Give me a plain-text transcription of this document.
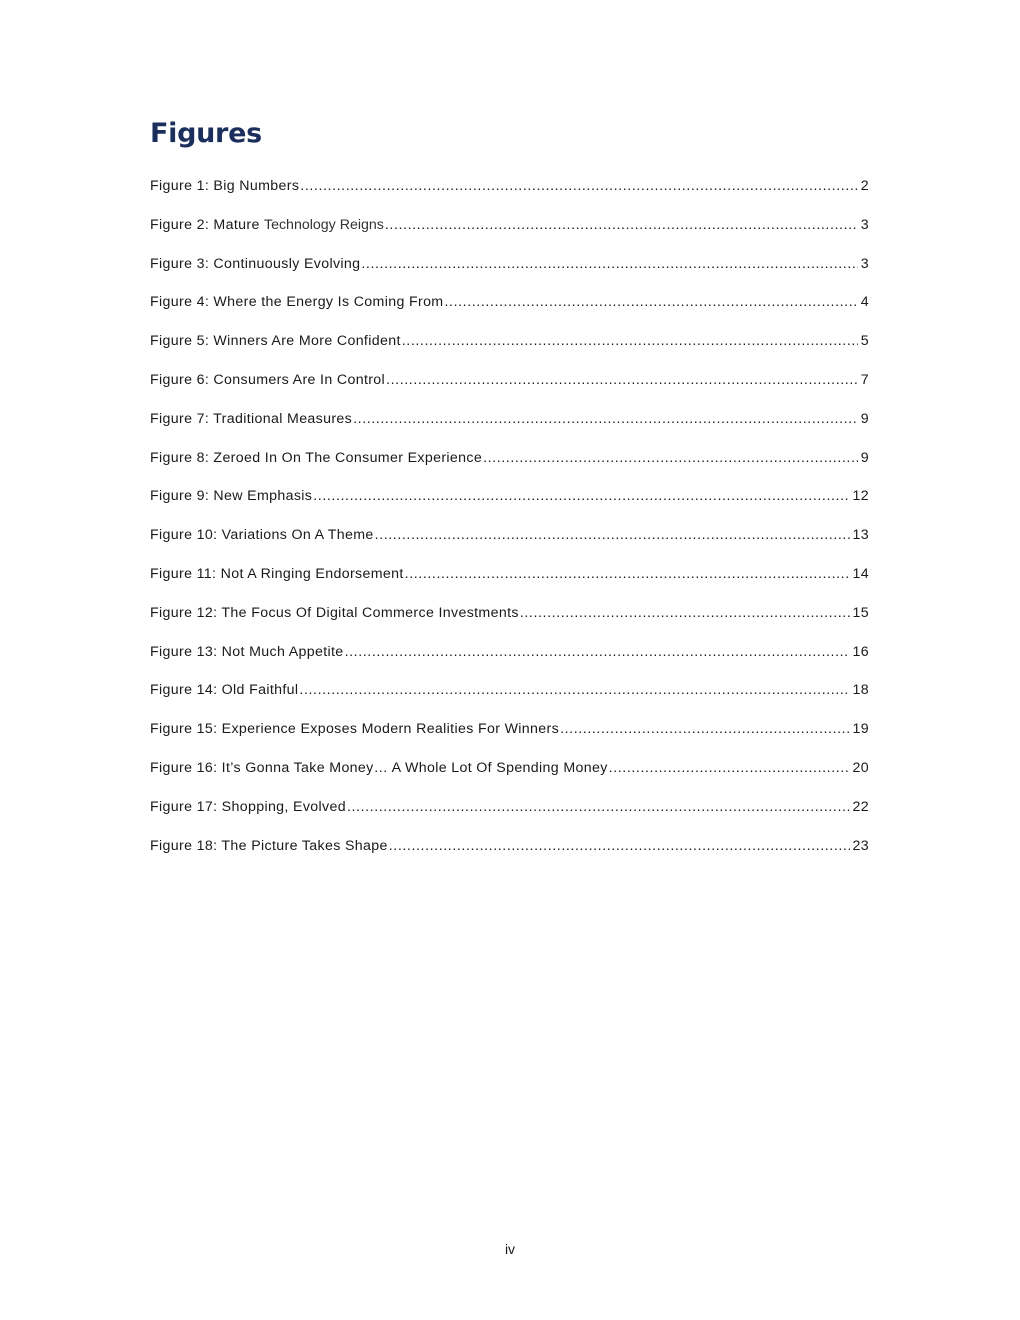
Figures
Figure 1: Big Numbers .....	2
Figure 2: Mature Technology Reigns .....	3
Figure 3: Continuously Evolving .....	3
Figure 4: Where the Energy Is Coming From .....	4
Figure 5: Winners Are More Confident .....	5
Figure 6: Consumers Are In Control .....	7
Figure 7: Traditional Measures .....	9
Figure 8: Zeroed In On The Consumer Experience .....	9
Figure 9: New Emphasis .....	12
Figure 10: Variations On A Theme .....	13
Figure 11: Not A Ringing Endorsement .....	14
Figure 12: The Focus Of Digital Commerce Investments .....	15
Figure 13: Not Much Appetite .....	16
Figure 14: Old Faithful .....	18
Figure 15: Experience Exposes Modern Realities For Winners .....	19
Figure 16: It’s Gonna Take Money… A Whole Lot Of Spending Money .....	20
Figure 17: Shopping, Evolved .....	22
Figure 18: The Picture Takes Shape .....	23
iv
